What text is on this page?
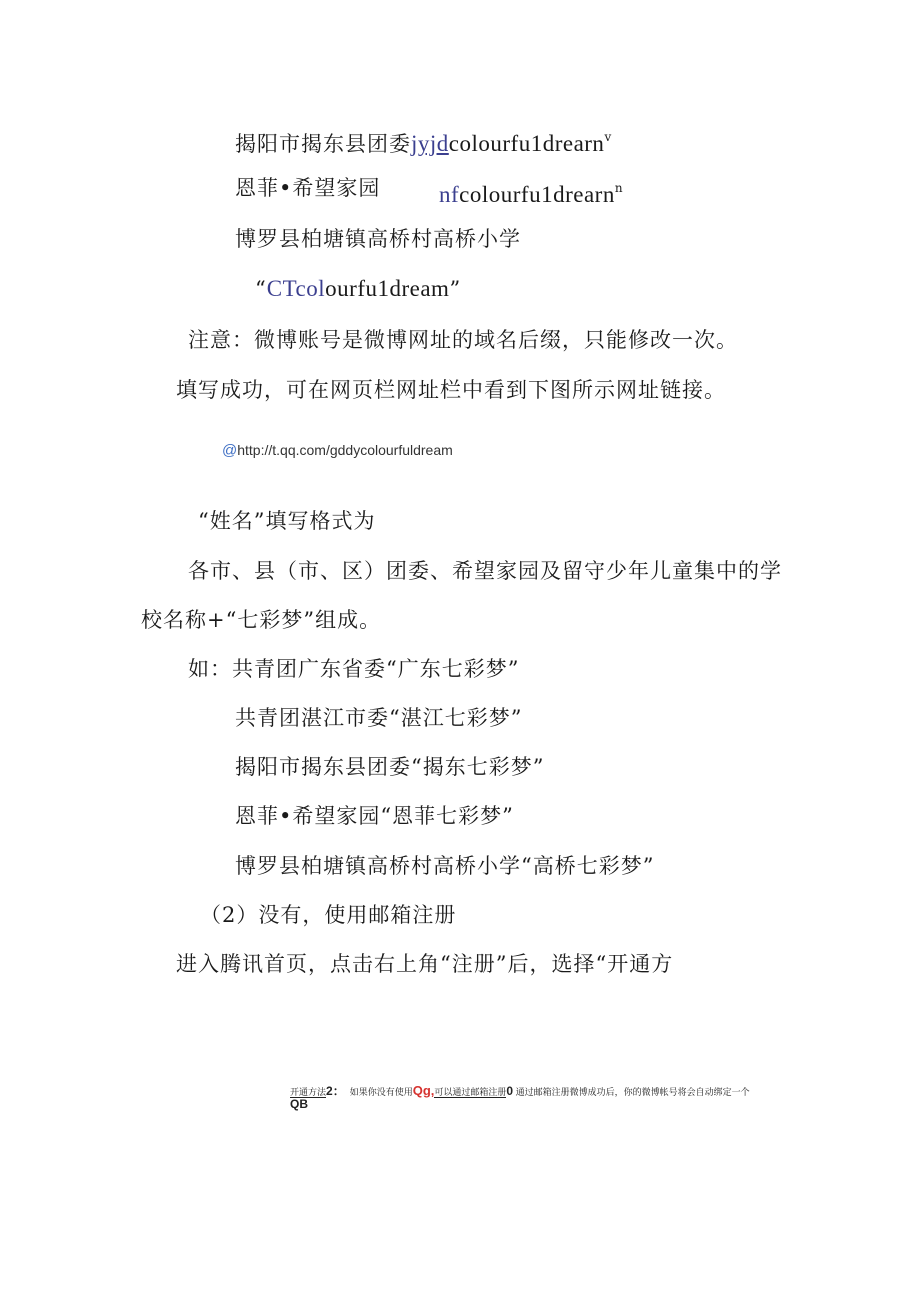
揭阳市揭东县团委jyjdcolourfu1drearn$^v$
恩菲•希望家园	nfcolourfu1drearn$^n$
博罗县柏塘镇高桥村高桥小学
“CTcolourfu1dream”
注意：微博账号是微博网址的域名后缀，只能修改一次。
填写成功，可在网页栏网址栏中看到下图所示网址链接。
@http://t.qq.com/gddycolourfuldream
“姓名”填写格式为
各市、县（市、区）团委、希望家园及留守少年儿童集中的学
校名称+“七彩梦”组成。
如：共青团广东省委“广东七彩梦”
共青团湛江市委“湛江七彩梦”
揭阳市揭东县团委“揭东七彩梦”
恩菲•希望家园“恩菲七彩梦”
博罗县柏塘镇高桥村高桥小学“高桥七彩梦”
（2）没有，使用邮箱注册
进入腾讯首页，点击右上角“注册”后，选择“开通方
开通方法2： 如果你没有使用Qg,可以通过邮箱注册0 通过邮箱注册微博成功后，你的微博帐号将会自动绑定一个
QB
